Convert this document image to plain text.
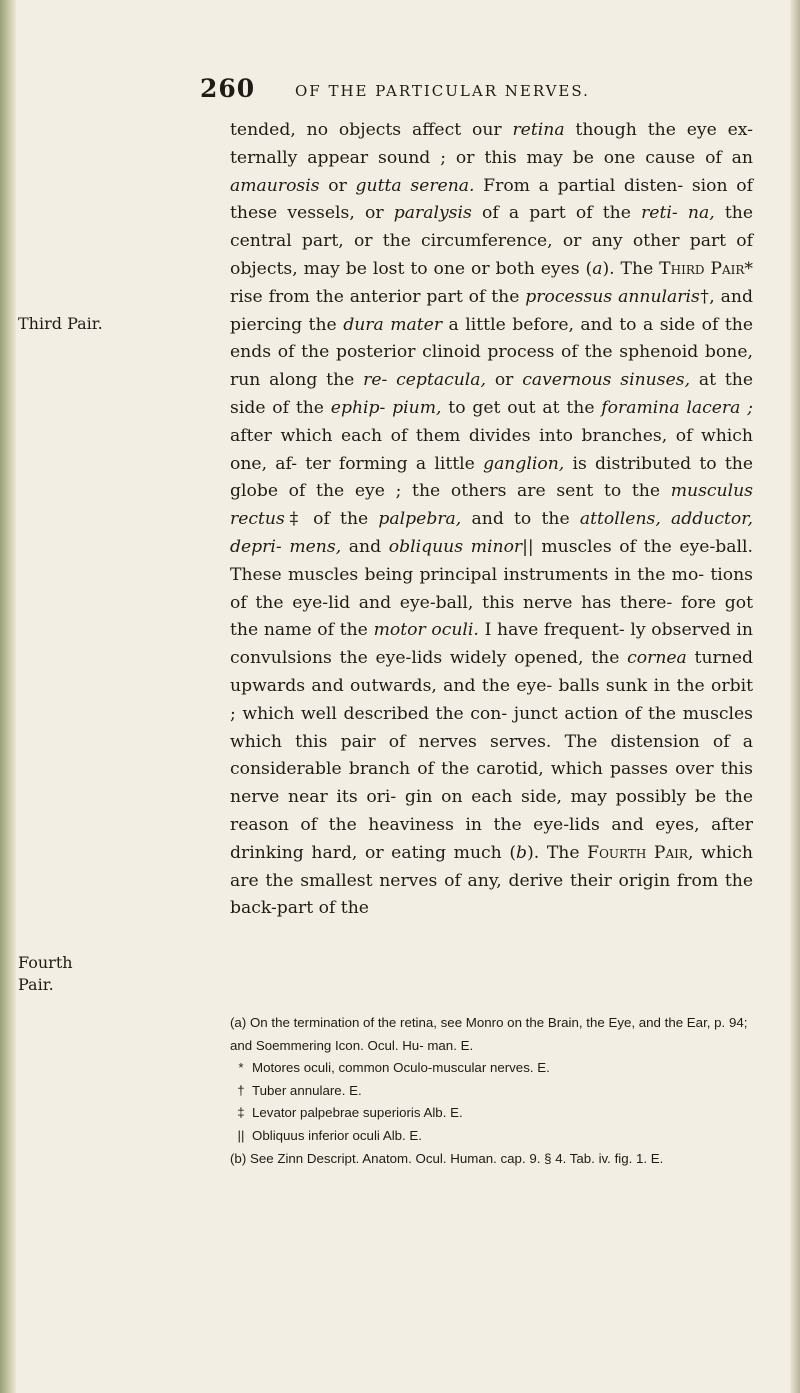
260	OF THE PARTICULAR NERVES.
Third Pair.
Fourth
Pair.

tended, no objects affect our retina though the eye ex- ternally appear sound ; or this may be one cause of an amaurosis or gutta serena. From a partial disten- sion of these vessels, or paralysis of a part of the reti- na, the central part, or the circumference, or any other part of objects, may be lost to one or both eyes (a). The Third Pair* rise from the anterior part of the processus annularis†, and piercing the dura mater a little before, and to a side of the ends of the posterior clinoid process of the sphenoid bone, run along the re- ceptacula, or cavernous sinuses, at the side of the ephip- pium, to get out at the foramina lacera ; after which each of them divides into branches, of which one, af- ter forming a little ganglion, is distributed to the globe of the eye ; the others are sent to the musculus rectus‡ of the palpebra, and to the attollens, adductor, depri- mens, and obliquus minor|| muscles of the eye-ball. These muscles being principal instruments in the mo- tions of the eye-lid and eye-ball, this nerve has there- fore got the name of the motor oculi. I have frequent- ly observed in convulsions the eye-lids widely opened, the cornea turned upwards and outwards, and the eye- balls sunk in the orbit ; which well described the con- junct action of the muscles which this pair of nerves serves. The distension of a considerable branch of the carotid, which passes over this nerve near its ori- gin on each side, may possibly be the reason of the heaviness in the eye-lids and eyes, after drinking hard, or eating much (b). The Fourth Pair, which are the smallest nerves of any, derive their origin from the back-part of the

(a) On the termination of the retina, see Monro on the Brain, the Eye, and the Ear, p. 94; and Soemmering Icon. Ocul. Hu- man. E.

* Motores oculi, common Oculo-muscular nerves. E.

† Tuber annulare. E.

‡ Levator palpebrae superioris Alb. E.

|| Obliquus inferior oculi Alb. E.

(b) See Zinn Descript. Anatom. Ocul. Human. cap. 9. § 4. Tab. iv. fig. 1. E.
